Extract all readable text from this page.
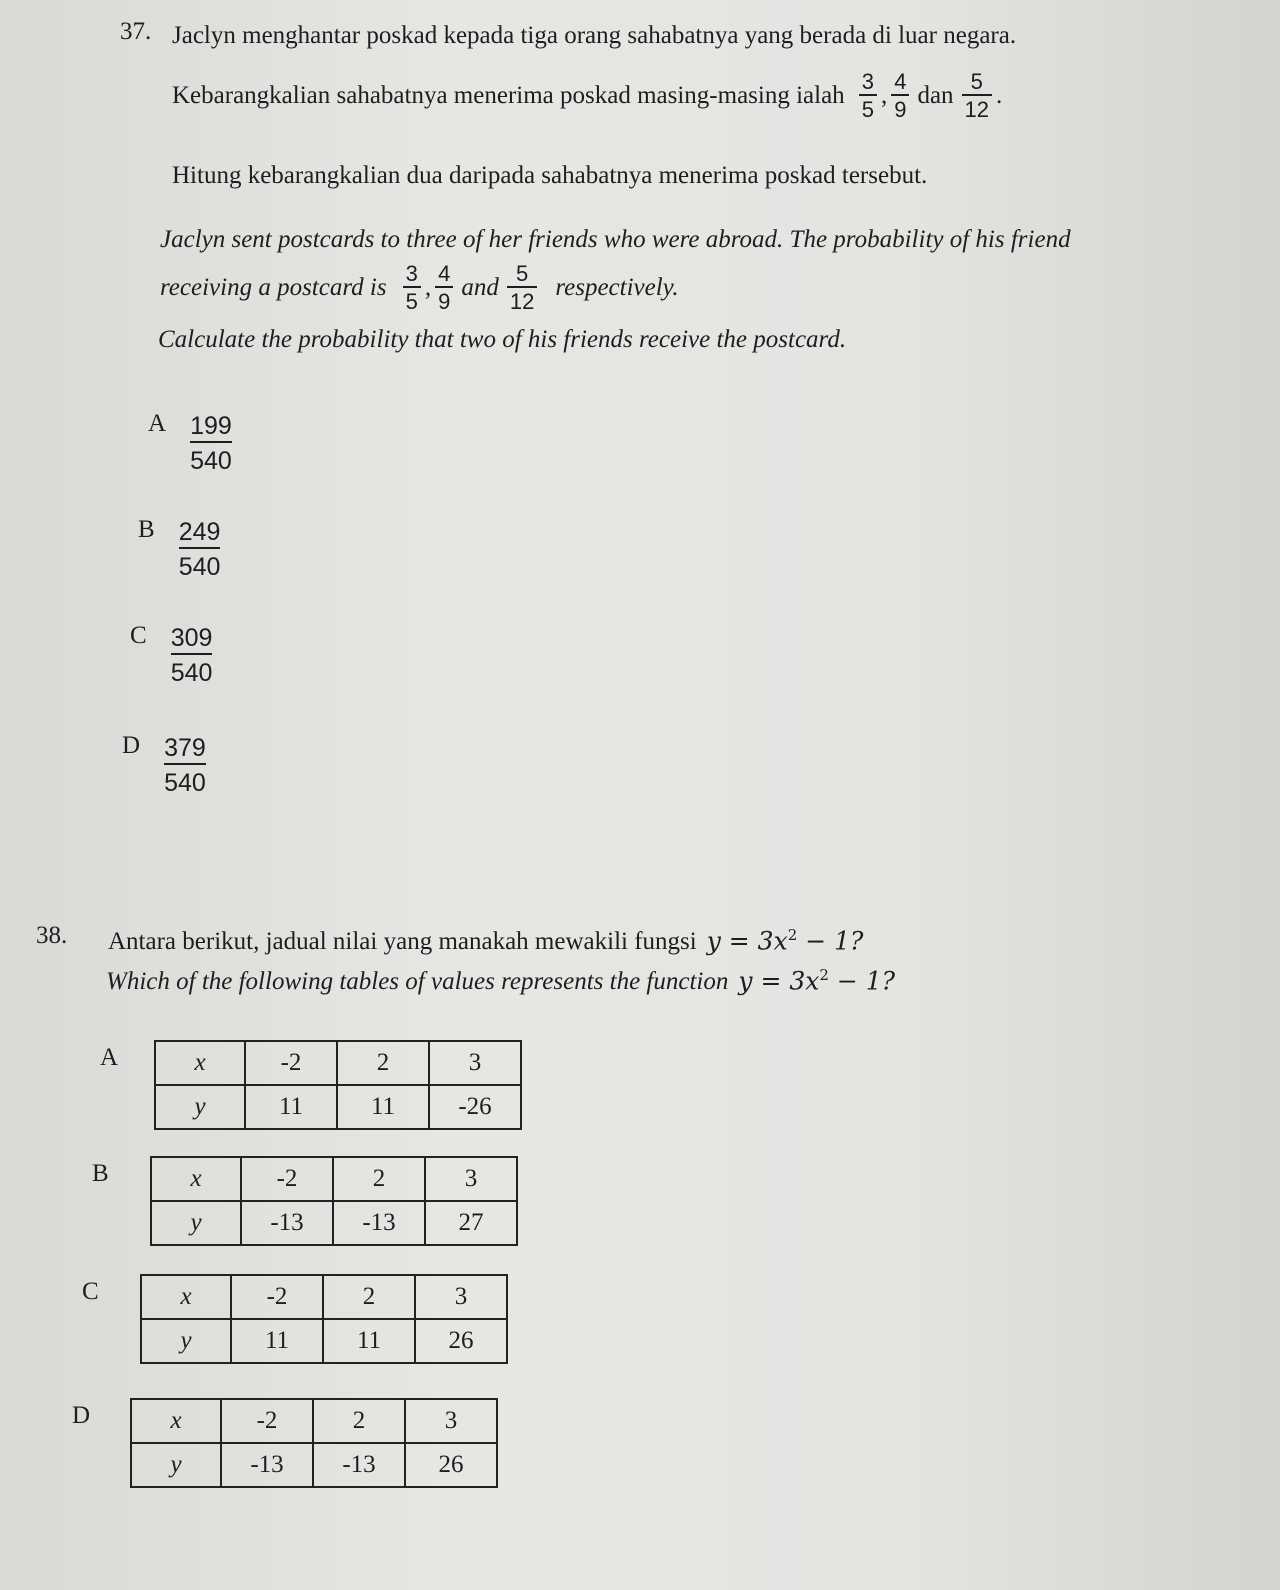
37. Jaclyn menghantar poskad kepada tiga orang sahabatnya yang berada di luar negara.
Kebarangkalian sahabatnya menerima poskad masing-masing ialah $\frac{3}{5}$ , $\frac{4}{9}$ dan $\frac{5}{12}$ .
Hitung kebarangkalian dua daripada sahabatnya menerima poskad tersebut.
Jaclyn sent postcards to three of her friends who were abroad. The probability of his friend
receiving a postcard is $\frac{3}{5}$ , $\frac{4}{9}$ and $\frac{5}{12}$ respectively.
Calculate the probability that two of his friends receive the postcard.
A $\frac{199}{540}$
B $\frac{249}{540}$
C $\frac{309}{540}$
D $\frac{379}{540}$
38. Antara berikut, jadual nilai yang manakah mewakili fungsi $y = 3x^2 - 1$?
Which of the following tables of values represents the function $y = 3x^2 - 1$?
A	x	-2	2	3
y	11	11	-26
B	x	-2	2	3
y	-13	-13	27
C	x	-2	2	3
y	11	11	26
D	x	-2	2	3
y	-13	-13	26
